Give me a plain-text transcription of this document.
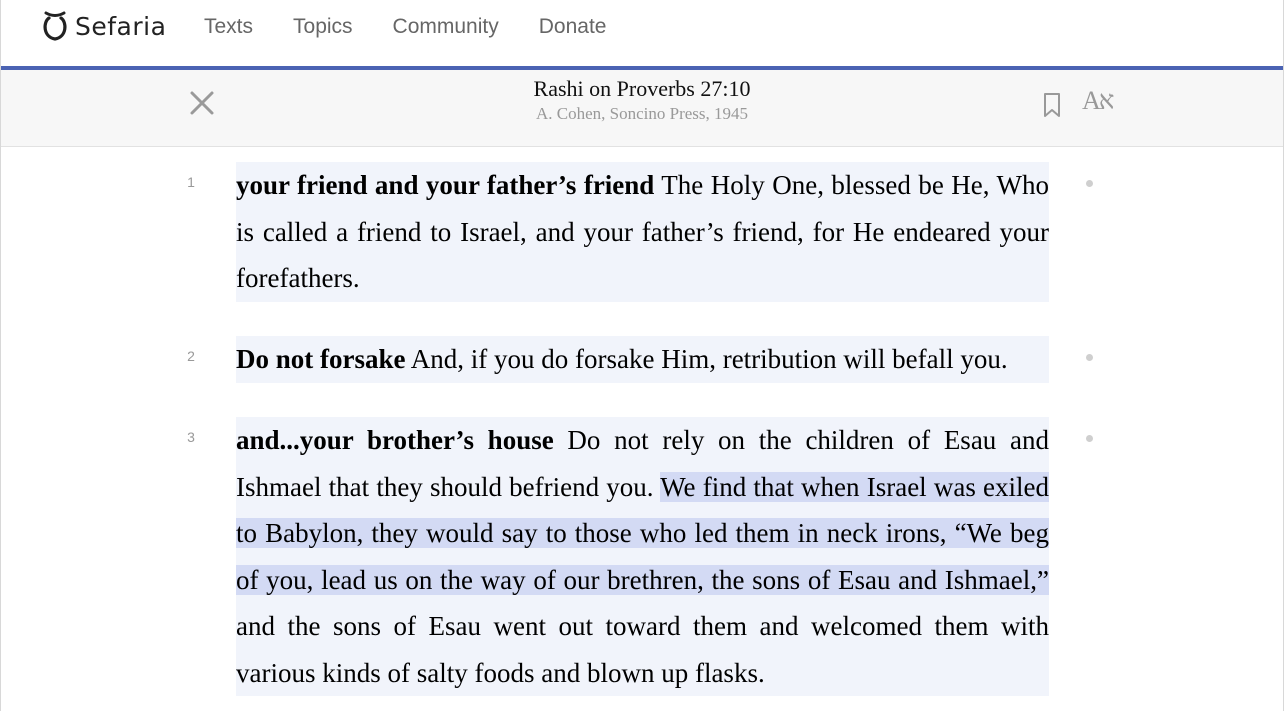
Sefaria Texts Topics Community Donate
Rashi on Proverbs 27:10
A. Cohen, Soncino Press, 1945	Aא
1 your friend and your father’s friend The Holy One, blessed be He, Who is called a friend to Israel, and your father’s friend, for He endeared your forefathers.
2 Do not forsake And, if you do forsake Him, retribution will befall you.
3 and...your brother’s house Do not rely on the children of Esau and Ishmael that they should befriend you. We find that when Israel was exiled to Babylon, they would say to those who led them in neck irons, “We beg of you, lead us on the way of our brethren, the sons of Esau and Ishmael,” and the sons of Esau went out toward them and welcomed them with various kinds of salty foods and blown up flasks.
